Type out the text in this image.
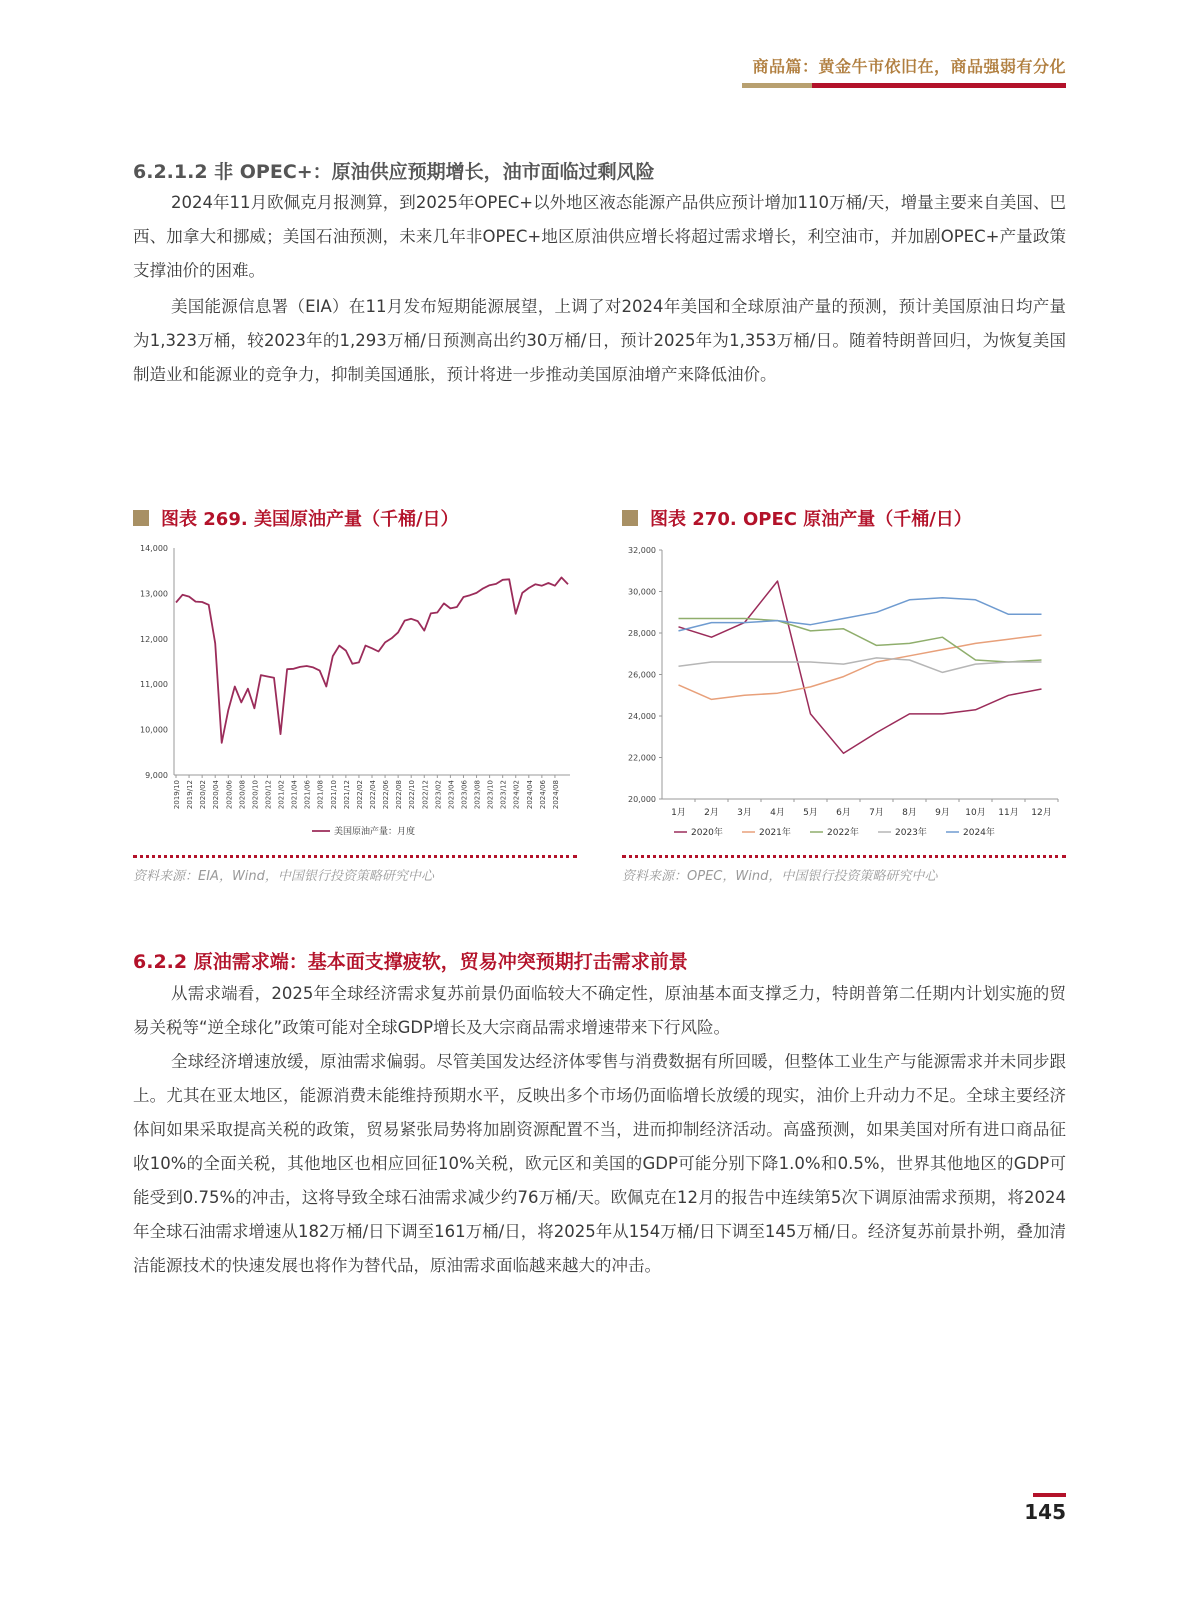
商品篇：黄金牛市依旧在，商品强弱有分化
6.2.1.2 非 OPEC+：原油供应预期增长，油市面临过剩风险

2024年11月欧佩克月报测算，到2025年OPEC+以外地区液态能源产品供应预计增加110万桶/天，增量主要来自美国、巴西、加拿大和挪威；美国石油预测，未来几年非OPEC+地区原油供应增长将超过需求增长，利空油市，并加剧OPEC+产量政策支撑油价的困难。

美国能源信息署（EIA）在11月发布短期能源展望，上调了对2024年美国和全球原油产量的预测，预计美国原油日均产量为1,323万桶，较2023年的1,293万桶/日预测高出约30万桶/日，预计2025年为1,353万桶/日。随着特朗普回归，为恢复美国制造业和能源业的竞争力，抑制美国通胀，预计将进一步推动美国原油增产来降低油价。

图表 269. 美国原油产量（千桶/日）
9,000
10,000
11,000
12,000
13,000
14,000
2019/10 2019/12 2020/02 2020/04 2020/06 2020/08 2020/10 2020/12 2021/02 2021/04 2021/06 2021/08 2021/10 2021/12 2022/02 2022/04 2022/06 2022/08 2022/10 2022/12 2023/02 2023/04 2023/06 2023/08 2023/10 2023/12 2024/02 2024/04 2024/06 2024/08
美国原油产量：月度
资料来源：EIA，Wind，中国银行投资策略研究中心
图表 270. OPEC 原油产量（千桶/日）
20,000
22,000
24,000
26,000
28,000
30,000
32,000
1月 2月 3月 4月 5月 6月 7月 8月 9月 10月 11月 12月
2020年	2021年	2022年	2023年	2024年
资料来源：OPEC，Wind，中国银行投资策略研究中心
6.2.2 原油需求端：基本面支撑疲软，贸易冲突预期打击需求前景

从需求端看，2025年全球经济需求复苏前景仍面临较大不确定性，原油基本面支撑乏力，特朗普第二任期内计划实施的贸易关税等“逆全球化”政策可能对全球GDP增长及大宗商品需求增速带来下行风险。

全球经济增速放缓，原油需求偏弱。尽管美国发达经济体零售与消费数据有所回暖，但整体工业生产与能源需求并未同步跟上。尤其在亚太地区，能源消费未能维持预期水平，反映出多个市场仍面临增长放缓的现实，油价上升动力不足。全球主要经济体间如果采取提高关税的政策，贸易紧张局势将加剧资源配置不当，进而抑制经济活动。高盛预测，如果美国对所有进口商品征收10%的全面关税，其他地区也相应回征10%关税，欧元区和美国的GDP可能分别下降1.0%和0.5%，世界其他地区的GDP可能受到0.75%的冲击，这将导致全球石油需求减少约76万桶/天。欧佩克在12月的报告中连续第5次下调原油需求预期，将2024年全球石油需求增速从182万桶/日下调至161万桶/日，将2025年从154万桶/日下调至145万桶/日。经济复苏前景扑朔，叠加清洁能源技术的快速发展也将作为替代品，原油需求面临越来越大的冲击。

145
